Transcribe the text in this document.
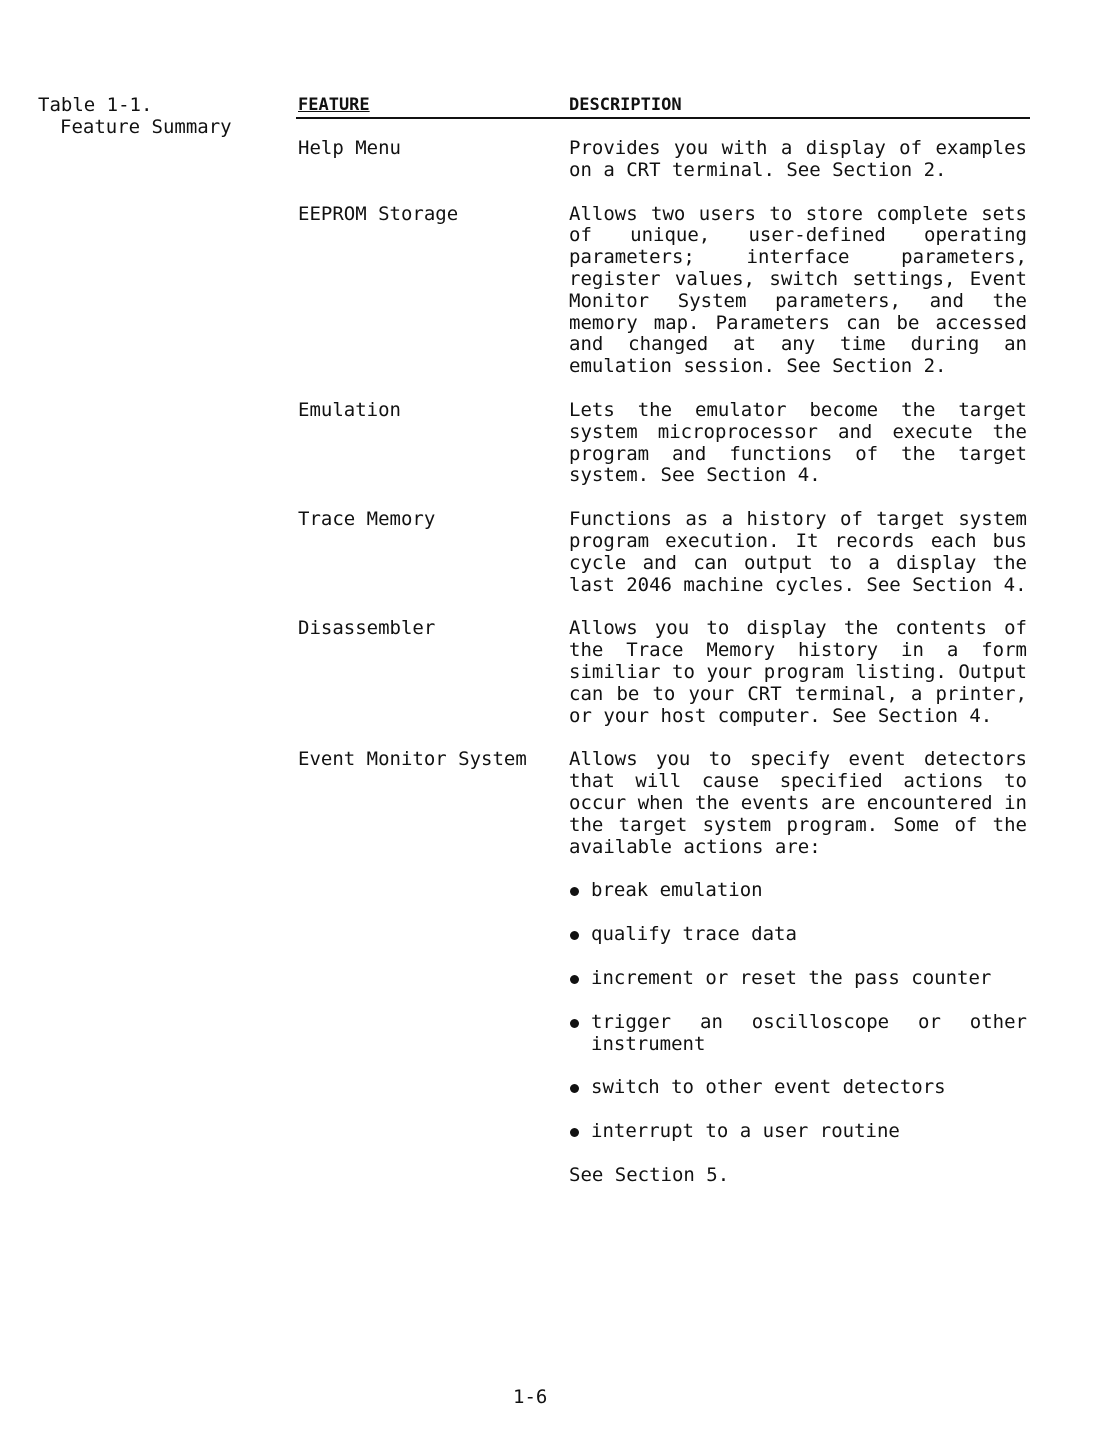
Table 1-1.
Feature Summary
FEATURE	DESCRIPTION
Help Menu	Provides you with a display of examples on a CRT terminal. See Section 2.

EEPROM Storage	Allows two users to store complete sets of unique, user-defined operating parameters; interface parameters, register values, switch settings, Event Monitor System parameters, and the memory map. Parameters can be accessed and changed at any time during an emulation session. See Section 2.

Emulation	Lets the emulator become the target system microprocessor and execute the program and functions of the target system. See Section 4.

Trace Memory	Functions as a history of target system program execution. It records each bus cycle and can output to a display the last 2046 machine cycles. See Section 4.

Disassembler	Allows you to display the contents of the Trace Memory history in a form similiar to your program listing. Output can be to your CRT terminal, a printer, or your host computer. See Section 4.

Event Monitor System	Allows you to specify event detectors that will cause specified actions to occur when the events are encountered in the target system program. Some of the available actions are:

break emulation
qualify trace data
increment or reset the pass counter
trigger an oscilloscope or other instrument
switch to other event detectors
interrupt to a user routine

See Section 5.

1-6
